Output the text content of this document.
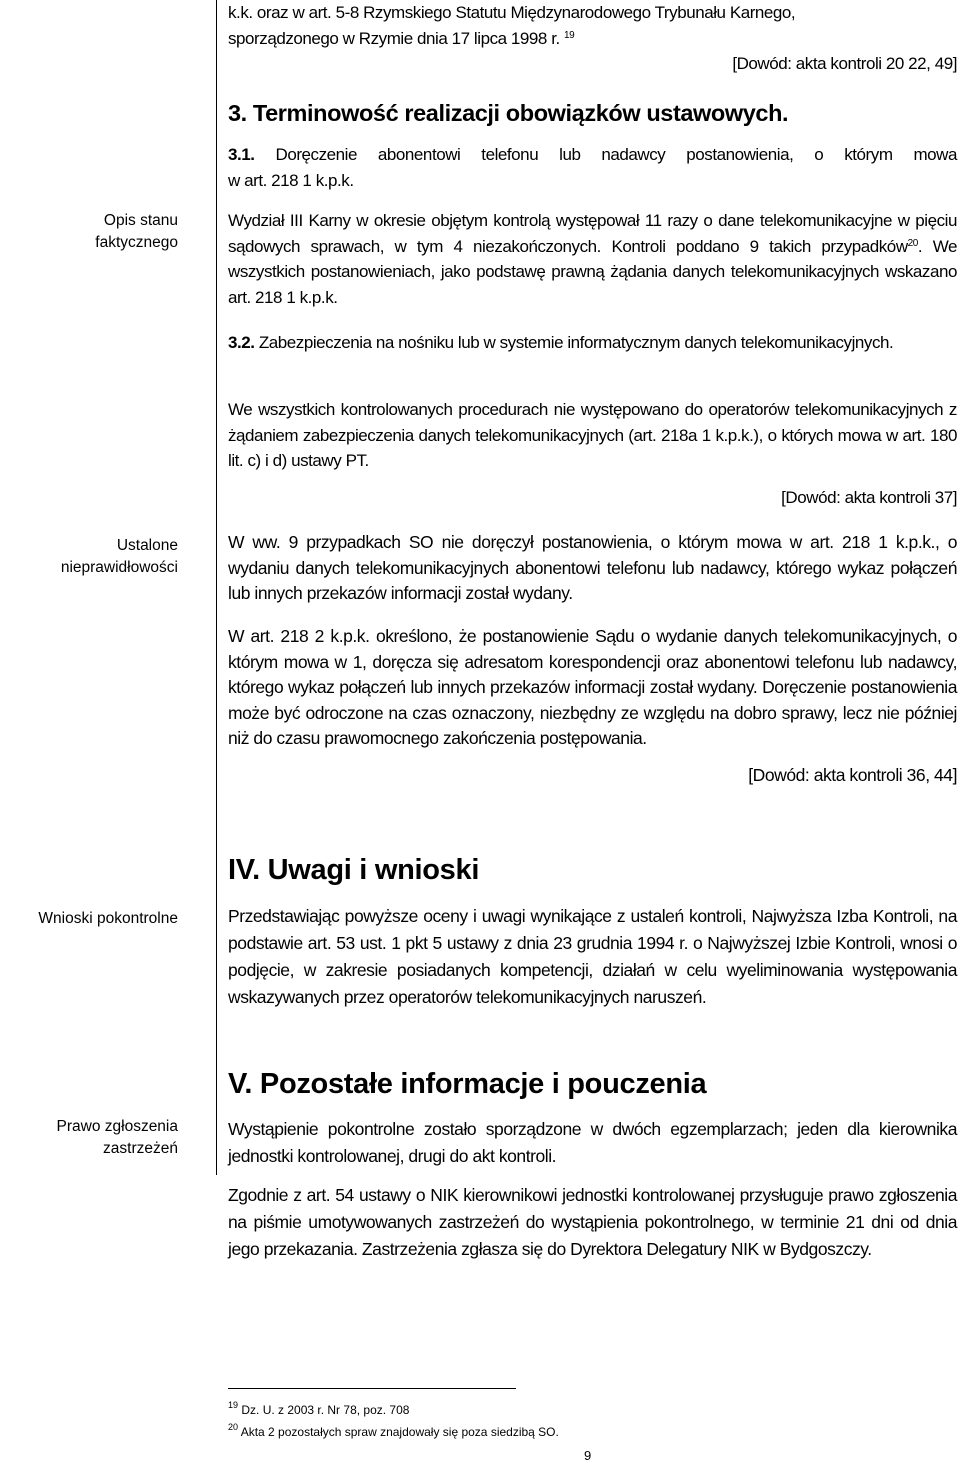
Opis stanu
faktycznego
Ustalone
nieprawidłowości
Wnioski pokontrolne
Prawo zgłoszenia
zastrzeżeń
k.k. oraz w art. 5-8 Rzymskiego Statutu Międzynarodowego Trybunału Karnego,
sporządzonego w Rzymie dnia 17 lipca 1998 r. $^{19}$
[Dowód: akta kontroli 20 22, 49]
3. Terminowość realizacji obowiązków ustawowych.
3.1. Doręczenie abonentowi telefonu lub nadawcy postanowienia, o którym mowa
w art. 218 1 k.p.k.
Wydział III Karny w okresie objętym kontrolą występował 11 razy o dane telekomunikacyjne w pięciu sądowych sprawach, w tym 4 niezakończonych. Kontroli poddano 9 takich przypadków$^{20}$. We wszystkich postanowieniach, jako podstawę prawną żądania danych telekomunikacyjnych wskazano art. 218 1 k.p.k.
3.2. Zabezpieczenia na nośniku lub w systemie informatycznym danych telekomunikacyjnych.
We wszystkich kontrolowanych procedurach nie występowano do operatorów telekomunikacyjnych z żądaniem zabezpieczenia danych telekomunikacyjnych (art. 218a 1 k.p.k.), o których mowa w art. 180 lit. c) i d) ustawy PT.
[Dowód: akta kontroli 37]
W ww. 9 przypadkach SO nie doręczył postanowienia, o którym mowa w art. 218 1 k.p.k., o wydaniu danych telekomunikacyjnych abonentowi telefonu lub nadawcy, którego wykaz połączeń lub innych przekazów informacji został wydany.
W art. 218 2 k.p.k. określono, że postanowienie Sądu o wydanie danych telekomunikacyjnych, o którym mowa w 1, doręcza się adresatom korespondencji oraz abonentowi telefonu lub nadawcy, którego wykaz połączeń lub innych przekazów informacji został wydany. Doręczenie postanowienia może być odroczone na czas oznaczony, niezbędny ze względu na dobro sprawy, lecz nie później niż do czasu prawomocnego zakończenia postępowania.
[Dowód: akta kontroli 36, 44]
IV. Uwagi i wnioski
Przedstawiając powyższe oceny i uwagi wynikające z ustaleń kontroli, Najwyższa Izba Kontroli, na podstawie art. 53 ust. 1 pkt 5 ustawy z dnia 23 grudnia 1994 r. o Najwyższej Izbie Kontroli, wnosi o podjęcie, w zakresie posiadanych kompetencji, działań w celu wyeliminowania występowania wskazywanych przez operatorów telekomunikacyjnych naruszeń.
V. Pozostałe informacje i pouczenia
Wystąpienie pokontrolne zostało sporządzone w dwóch egzemplarzach; jeden dla kierownika jednostki kontrolowanej, drugi do akt kontroli.
Zgodnie z art. 54 ustawy o NIK kierownikowi jednostki kontrolowanej przysługuje prawo zgłoszenia na piśmie umotywowanych zastrzeżeń do wystąpienia pokontrolnego, w terminie 21 dni od dnia jego przekazania. Zastrzeżenia zgłasza się do Dyrektora Delegatury NIK w Bydgoszczy.
$^{19}$ Dz. U. z 2003 r. Nr 78, poz. 708
$^{20}$ Akta 2 pozostałych spraw znajdowały się poza siedzibą SO.
9
